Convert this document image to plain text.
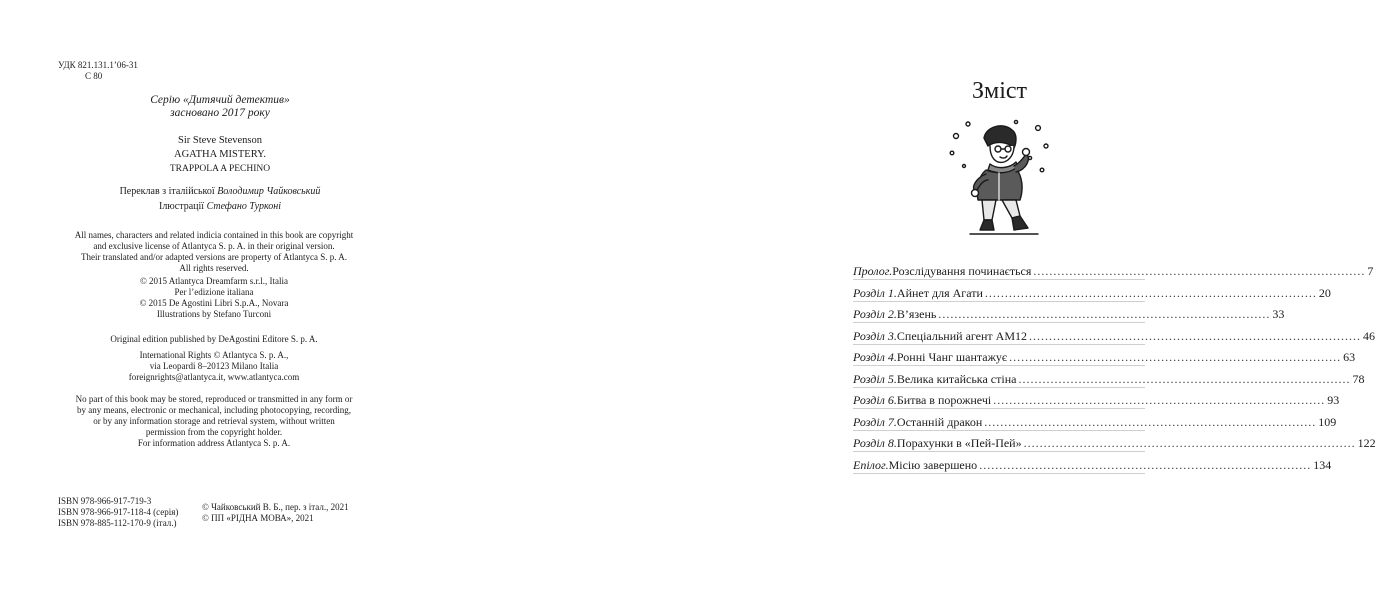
УДК 821.131.1’06-31
С 80
Серію «Дитячий детектив»
засновано 2017 року
Sir Steve Stevenson
AGATHA MISTERY.
TRAPPOLA A PECHINO
Переклав з італійської Володимир Чайковський
Ілюстрації Стефано Турконі
All names, characters and related indicia contained in this book are copyright
and exclusive license of Atlantyca S. p. A. in their original version.
Their translated and/or adapted versions are property of Atlantyca S. p. A.
All rights reserved.
© 2015 Atlantyca Dreamfarm s.r.l., Italia
Per l’edizione italiana
© 2015 De Agostini Libri S.p.A., Novara
Illustrations by Stefano Turconi
Original edition published by DeAgostini Editore S. p. A.
International Rights © Atlantyca S. p. A.,
via Leopardi 8–20123 Milano Italia
foreignrights@atlantyca.it, www.atlantyca.com
No part of this book may be stored, reproduced or transmitted in any form or
by any means, electronic or mechanical, including photocopying, recording,
or by any information storage and retrieval system, without written
permission from the copyright holder.
For information address Atlantyca S. p. A.
ISBN 978-966-917-719-3
ISBN 978-966-917-118-4 (серія)
ISBN 978-885-112-170-9 (італ.)
© Чайковський В. Б., пер. з італ., 2021
© ПП «РІДНА МОВА», 2021
Зміст
Пролог. Розслідування починається .....	7
Розділ 1. Айнет для Агати .....	20
Розділ 2. В’язень .....	33
Розділ 3. Спеціальний агент АМ12 .....	46
Розділ 4. Ронні Чанг шантажує .....	63
Розділ 5. Велика китайська стіна .....	78
Розділ 6. Битва в порожнечі .....	93
Розділ 7. Останній дракон .....	109
Розділ 8. Порахунки в «Пей-Пей» .....	122
Епілог. Місію завершено .....	134
